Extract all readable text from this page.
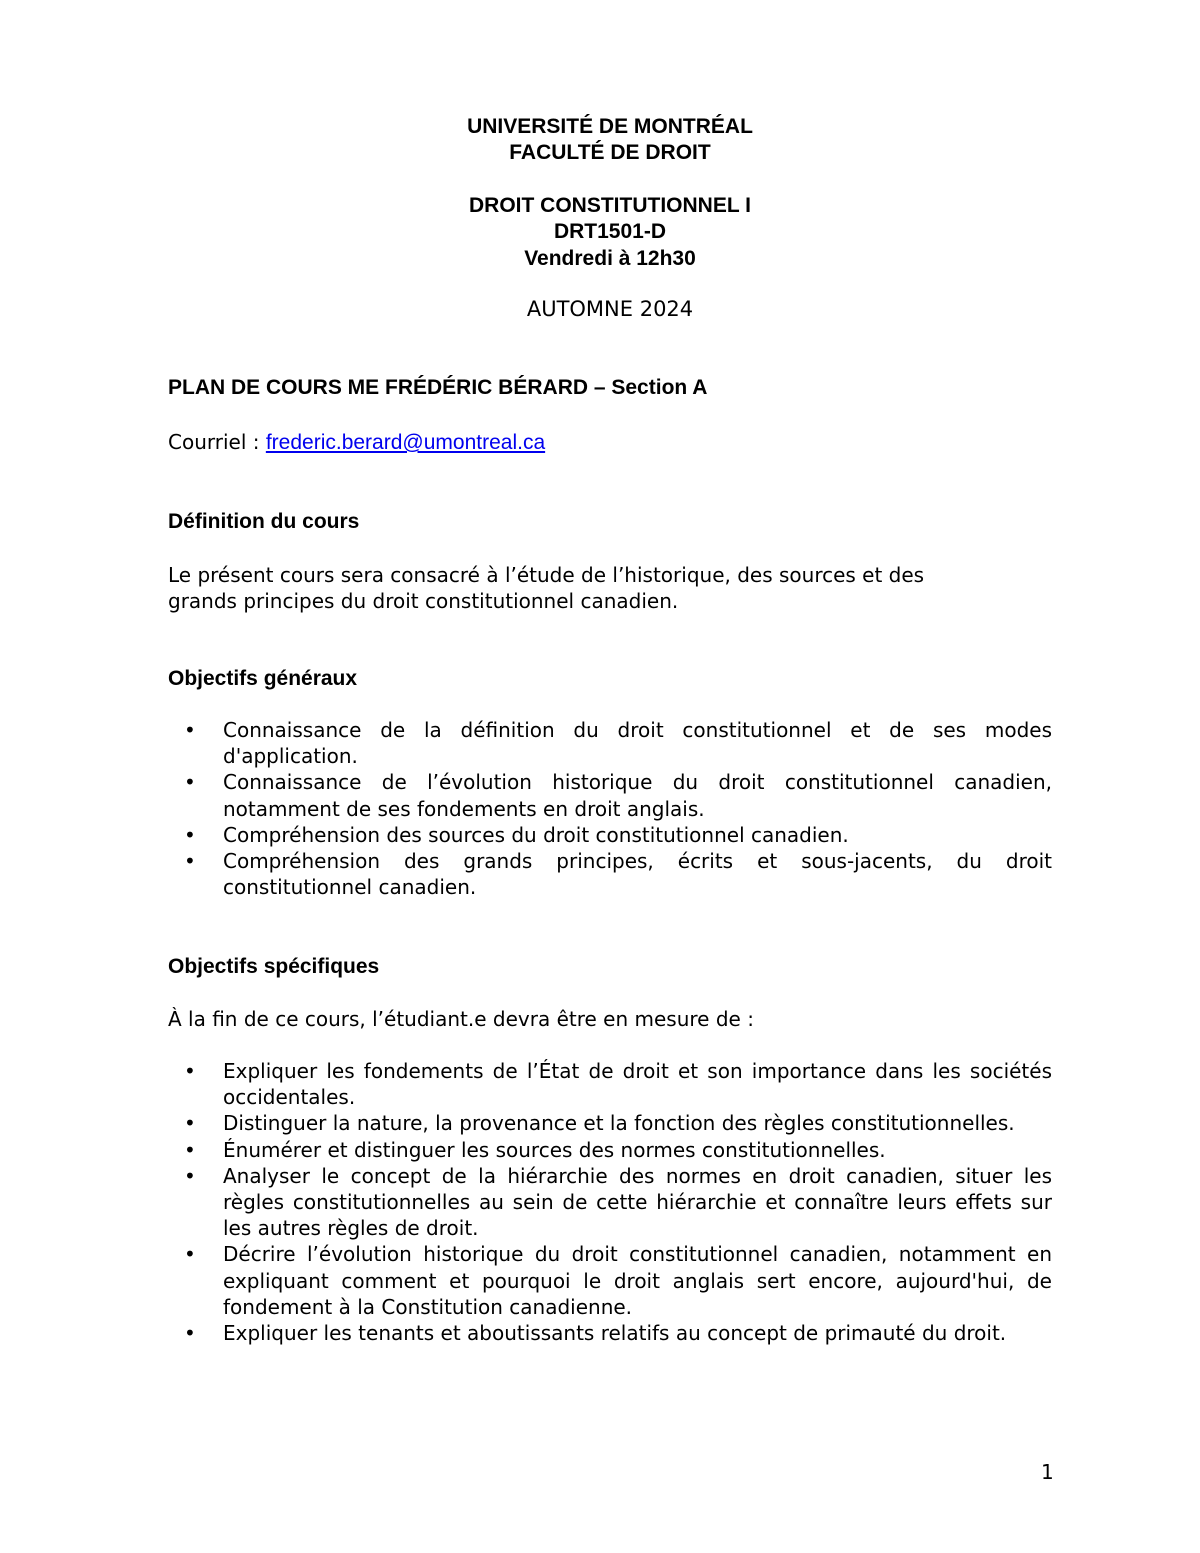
UNIVERSITÉ DE MONTRÉAL
FACULTÉ DE DROIT
DROIT CONSTITUTIONNEL I
DRT1501-D
Vendredi à 12h30
AUTOMNE 2024
PLAN DE COURS ME FRÉDÉRIC BÉRARD – Section A
Courriel : frederic.berard@umontreal.ca
Définition du cours
Le présent cours sera consacré à l’étude de l’historique, des sources et des
grands principes du droit constitutionnel canadien.
Objectifs généraux
• Connaissance de la définition du droit constitutionnel et de ses modes d'application.
• Connaissance de l’évolution historique du droit constitutionnel canadien, notamment de ses fondements en droit anglais.
• Compréhension des sources du droit constitutionnel canadien.
• Compréhension des grands principes, écrits et sous-jacents, du droit constitutionnel canadien.
Objectifs spécifiques
À la fin de ce cours, l’étudiant.e devra être en mesure de :
• Expliquer les fondements de l’État de droit et son importance dans les sociétés occidentales.
• Distinguer la nature, la provenance et la fonction des règles constitutionnelles.
• Énumérer et distinguer les sources des normes constitutionnelles.
• Analyser le concept de la hiérarchie des normes en droit canadien, situer les règles constitutionnelles au sein de cette hiérarchie et connaître leurs effets sur les autres règles de droit.
• Décrire l’évolution historique du droit constitutionnel canadien, notamment en expliquant comment et pourquoi le droit anglais sert encore, aujourd'hui, de fondement à la Constitution canadienne.
• Expliquer les tenants et aboutissants relatifs au concept de primauté du droit.
1
